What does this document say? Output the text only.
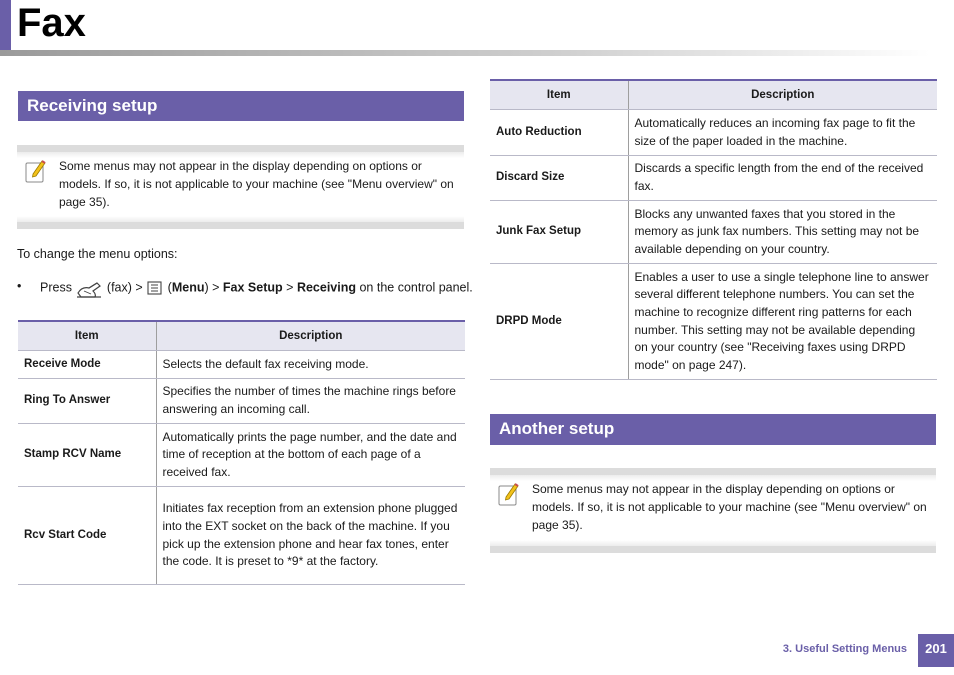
Fax
Receiving setup
Some menus may not appear in the display depending on options or models. If so, it is not applicable to your machine (see "Menu overview" on page 35).
To change the menu options:
• Press	(fax) > (Menu) > Fax Setup > Receiving on the control panel.
Item	Description
Receive Mode	Selects the default fax receiving mode.
Ring To Answer	Specifies the number of times the machine rings before answering an incoming call.
Stamp RCV Name	Automatically prints the page number, and the date and time of reception at the bottom of each page of a received fax.
Rcv Start Code	Initiates fax reception from an extension phone plugged into the EXT socket on the back of the machine. If you pick up the extension phone and hear fax tones, enter the code. It is preset to *9* at the factory.
Item	Description
Auto Reduction	Automatically reduces an incoming fax page to fit the size of the paper loaded in the machine.
Discard Size	Discards a specific length from the end of the received fax.
Junk Fax Setup	Blocks any unwanted faxes that you stored in the memory as junk fax numbers. This setting may not be available depending on your country.
DRPD Mode	Enables a user to use a single telephone line to answer several different telephone numbers. You can set the machine to recognize different ring patterns for each number. This setting may not be available depending on your country (see "Receiving faxes using DRPD mode" on page 247).
Another setup
Some menus may not appear in the display depending on options or models. If so, it is not applicable to your machine (see "Menu overview" on page 35).
3. Useful Setting Menus	201
